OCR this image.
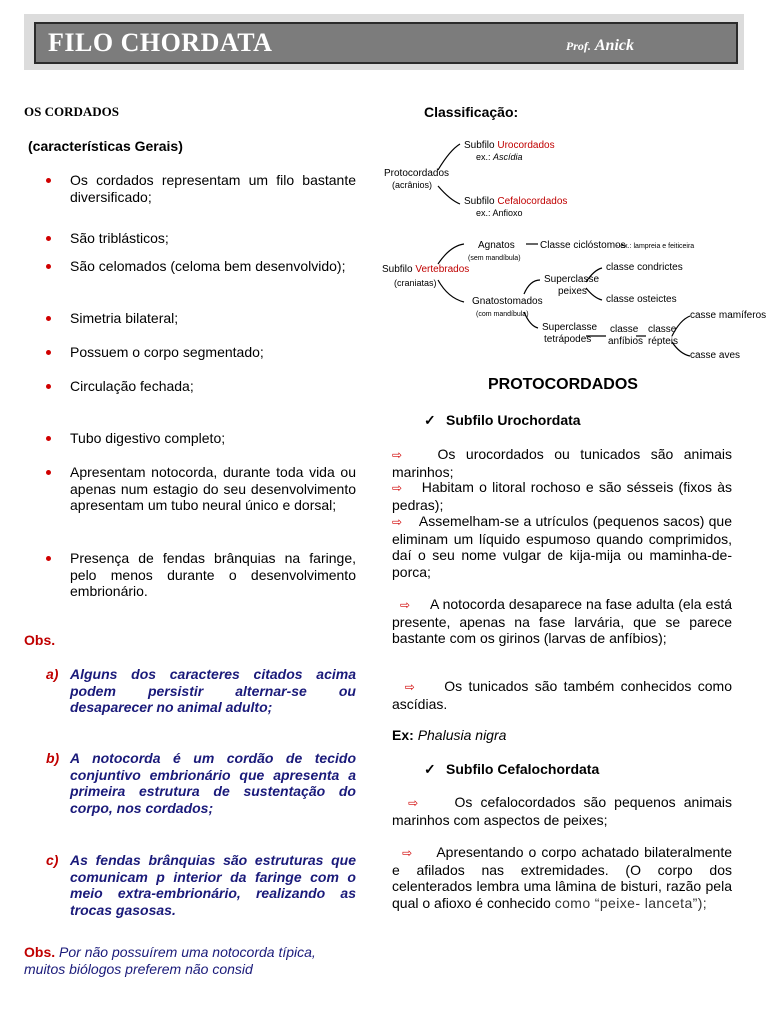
FILO CHORDATA	Prof. Anick
OS CORDADOS
(características Gerais)
Os cordados representam um filo bastante diversificado;
São triblásticos;
São celomados (celoma bem desenvolvido);
Simetria bilateral;
Possuem o corpo segmentado;
Circulação fechada;
Tubo digestivo completo;
Apresentam notocorda, durante toda vida ou apenas num estagio do seu desenvolvimento apresentam um tubo neural único e dorsal;
Presença de fendas brânquias na faringe, pelo menos durante o desenvolvimento embrionário.
Obs.
a) Alguns dos caracteres citados acima podem persistir alternar-se ou desaparecer no animal adulto;
b) A notocorda é um cordão de tecido conjuntivo embrionário que apresenta a primeira estrutura de sustentação do corpo, nos cordados;
c) As fendas brânquias são estruturas que comunicam p interior da faringe com o meio extra-embrionário, realizando as trocas gasosas.
Obs. Por não possuírem uma notocorda típica, muitos biólogos preferem não consid
Classificação:
Protocordados
(acrânios)
Subfilo Urocordados
ex.: Ascídia
Subfilo Cefalocordados
ex.: Anfioxo
Subfilo Vertebrados
(craniatas)
Agnatos
(sem mandíbula)
Classe ciclóstomos
- ex.: lampreia e feiticeira
Gnatostomados
(com mandíbula)
Superclasse
peixes
classe condrictes
classe osteictes
Superclasse
tetrápodes
classe
anfíbios
classe
répteis
casse mamíferos
casse aves
PROTOCORDADOS
✓ Subfilo Urochordata
⇨	Os urocordados ou tunicados são animais marinhos;
⇨ Habitam o litoral rochoso e são sésseis (fixos às pedras);
⇨ Assemelham-se a utrículos (pequenos sacos) que eliminam um líquido espumoso quando comprimidos, daí o seu nome vulgar de kija-mija ou maminha-de-porca;
⇨ A notocorda desaparece na fase adulta (ela está presente, apenas na fase larvária, que se parece bastante com os girinos (larvas de anfíbios);
⇨ Os tunicados são também conhecidos como ascídias.
Ex: Phalusia nigra
✓ Subfilo Cefalochordata
⇨	Os cefalocordados são pequenos animais marinhos com aspectos de peixes;
⇨ Apresentando o corpo achatado bilateralmente e afilados nas extremidades. (O corpo dos celenterados lembra uma lâmina de bisturi, razão pela qual o afioxo é conhecido como “peixe- lanceta”);
